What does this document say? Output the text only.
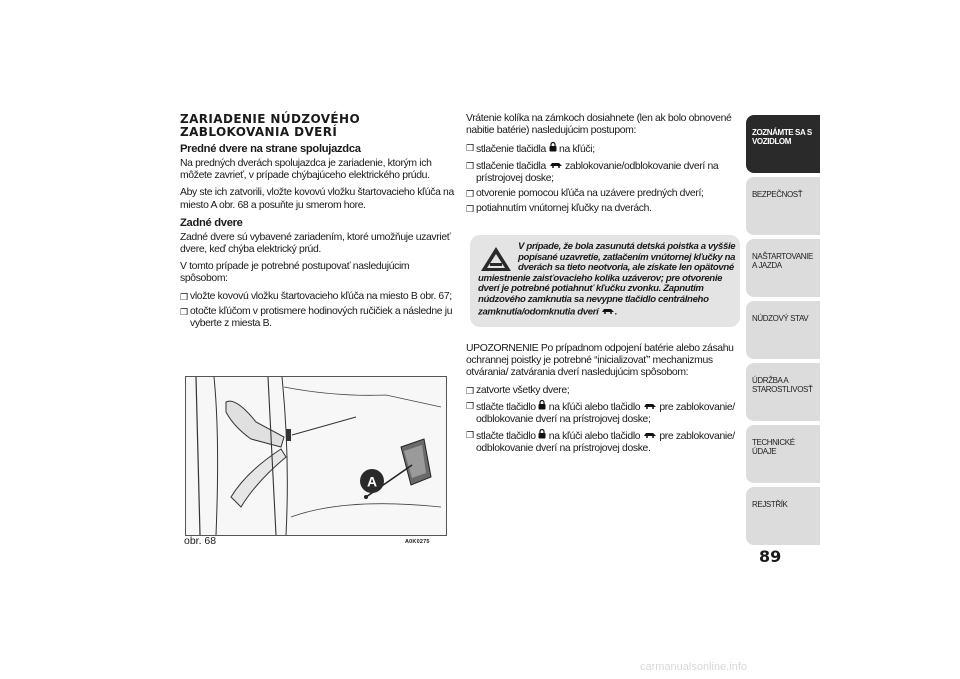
ZARIADENIE NÚDZOVÉHO
ZABLOKOVANIA DVERÍ
Predné dvere na strane spolujazdca

Na predných dverách spolujazdca je zariadenie, ktorým ich môžete zavrieť, v prípade chýbajúceho elektrického prúdu.

Aby ste ich zatvorili, vložte kovovú vložku štartovacieho kľúča na miesto A obr. 68 a posuňte ju smerom hore.

Zadné dvere

Zadné dvere sú vybavené zariadením, ktoré umožňuje uzavrieť dvere, keď chýba elektrický prúd.

V tomto prípade je potrebné postupovať nasledujúcim spôsobom:

❒ vložte kovovú vložku štartovacieho kľúča na miesto B obr. 67;

❒ otočte kľúčom v protismere hodinových ručičiek a následne ju vyberte z miesta B.

A
obr. 68	A0K0275

Vrátenie kolíka na zámkoch dosiahnete (len ak bolo obnovené nabitie batérie) nasledujúcim postupom:

❒ stlačenie tlačidla na kľúči;

❒ stlačenie tlačidla zablokovanie/odblokovanie dverí na prístrojovej doske;

❒ otvorenie pomocou kľúča na uzávere predných dverí;

❒ potiahnutím vnútornej kľučky na dverách.

V prípade, že bola zasunutá detská poistka a vyššie
popísané uzavretie, zatlačením vnútornej kľučky na
dverách sa tieto neotvoria, ale získate len opätovné
umiestnenie zaisťovacieho kolíka uzáverov; pre otvorenie dverí je potrebné potiahnuť kľučku zvonku. Zapnutím núdzového zamknutia sa nevypne tlačidlo centrálneho zamknutia/odomknutia dverí .

UPOZORNENIE Po prípadnom odpojení batérie alebo zásahu ochrannej poistky je potrebné “inicializovať” mechanizmus otvárania/ zatvárania dverí nasledujúcim spôsobom:

❒ zatvorte všetky dvere;

❒ stlačte tlačidlo na kľúči alebo tlačidlo pre zablokovanie/ odblokovanie dverí na prístrojovej doske;

❒ stlačte tlačidlo na kľúči alebo tlačidlo pre zablokovanie/ odblokovanie dverí na prístrojovej doske.

ZOZNÁMTE SA S VOZIDLOM
BEZPEČNOSŤ
NAŠTARTOVANIE A JAZDA
NÚDZOVÝ STAV
ÚDRŽBA A STAROSTLIVOSŤ
TECHNICKÉ ÚDAJE
REJSTŘÍK
89
carmanualsonline.info
